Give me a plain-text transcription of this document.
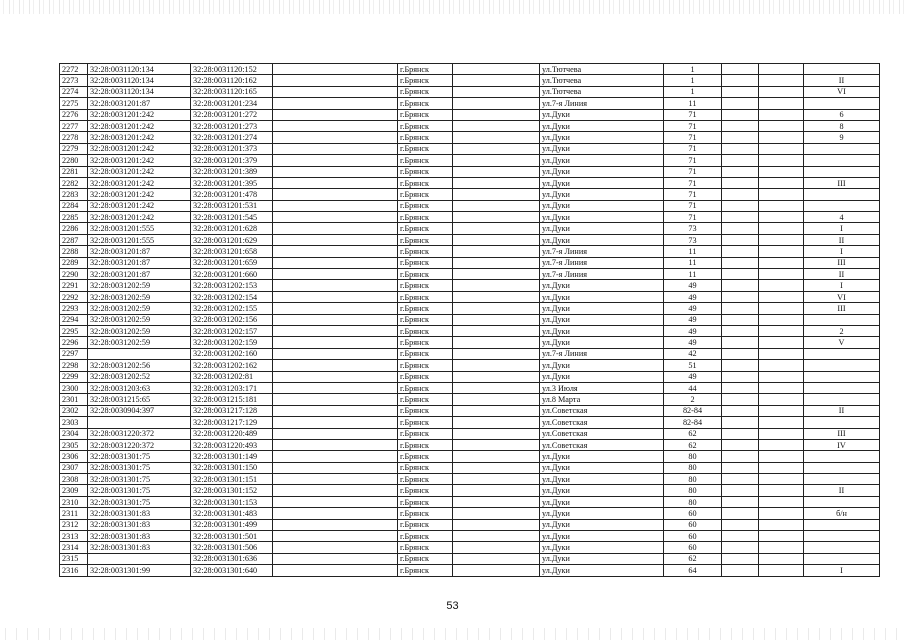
2272	32:28:0031120:134	32:28:0031120:152		г.Брянск		ул.Тютчева	1			
2273	32:28:0031120:134	32:28:0031120:162		г.Брянск		ул.Тютчева	1			II
2274	32:28:0031120:134	32:28:0031120:165		г.Брянск		ул.Тютчева	1			VI
2275	32:28:0031201:87	32:28:0031201:234		г.Брянск		ул.7-я Линия	11			
2276	32:28:0031201:242	32:28:0031201:272		г.Брянск		ул.Дуки	71			6
2277	32:28:0031201:242	32:28:0031201:273		г.Брянск		ул.Дуки	71			8
2278	32:28:0031201:242	32:28:0031201:274		г.Брянск		ул.Дуки	71			9
2279	32:28:0031201:242	32:28:0031201:373		г.Брянск		ул.Дуки	71			
2280	32:28:0031201:242	32:28:0031201:379		г.Брянск		ул.Дуки	71			
2281	32:28:0031201:242	32:28:0031201:389		г.Брянск		ул.Дуки	71			
2282	32:28:0031201:242	32:28:0031201:395		г.Брянск		ул.Дуки	71			III
2283	32:28:0031201:242	32:28:0031201:478		г.Брянск		ул.Дуки	71			
2284	32:28:0031201:242	32:28:0031201:531		г.Брянск		ул.Дуки	71			
2285	32:28:0031201:242	32:28:0031201:545		г.Брянск		ул.Дуки	71			4
2286	32:28:0031201:555	32:28:0031201:628		г.Брянск		ул.Дуки	73			I
2287	32:28:0031201:555	32:28:0031201:629		г.Брянск		ул.Дуки	73			II
2288	32:28:0031201:87	32:28:0031201:658		г.Брянск		ул.7-я Линия	11			I
2289	32:28:0031201:87	32:28:0031201:659		г.Брянск		ул.7-я Линия	11			III
2290	32:28:0031201:87	32:28:0031201:660		г.Брянск		ул.7-я Линия	11			II
2291	32:28:0031202:59	32:28:0031202:153		г.Брянск		ул.Дуки	49			I
2292	32:28:0031202:59	32:28:0031202:154		г.Брянск		ул.Дуки	49			VI
2293	32:28:0031202:59	32:28:0031202:155		г.Брянск		ул.Дуки	49			III
2294	32:28:0031202:59	32:28:0031202:156		г.Брянск		ул.Дуки	49			
2295	32:28:0031202:59	32:28:0031202:157		г.Брянск		ул.Дуки	49			2
2296	32:28:0031202:59	32:28:0031202:159		г.Брянск		ул.Дуки	49			V
2297		32:28:0031202:160		г.Брянск		ул.7-я Линия	42			
2298	32:28:0031202:56	32:28:0031202:162		г.Брянск		ул.Дуки	51			
2299	32:28:0031202:52	32:28:0031202:81		г.Брянск		ул.Дуки	49			
2300	32:28:0031203:63	32:28:0031203:171		г.Брянск		ул.3 Июля	44			
2301	32:28:0031215:65	32:28:0031215:181		г.Брянск		ул.8 Марта	2			
2302	32:28:0030904:397	32:28:0031217:128		г.Брянск		ул.Советская	82-84			II
2303		32:28:0031217:129		г.Брянск		ул.Советская	82-84			
2304	32:28:0031220:372	32:28:0031220:489		г.Брянск		ул.Советская	62			III
2305	32:28:0031220:372	32:28:0031220:493		г.Брянск		ул.Советская	62			IV
2306	32:28:0031301:75	32:28:0031301:149		г.Брянск		ул.Дуки	80			
2307	32:28:0031301:75	32:28:0031301:150		г.Брянск		ул.Дуки	80			
2308	32:28:0031301:75	32:28:0031301:151		г.Брянск		ул.Дуки	80			
2309	32:28:0031301:75	32:28:0031301:152		г.Брянск		ул.Дуки	80			II
2310	32:28:0031301:75	32:28:0031301:153		г.Брянск		ул.Дуки	80			
2311	32:28:0031301:83	32:28:0031301:483		г.Брянск		ул.Дуки	60			б/н
2312	32:28:0031301:83	32:28:0031301:499		г.Брянск		ул.Дуки	60			
2313	32:28:0031301:83	32:28:0031301:501		г.Брянск		ул.Дуки	60			
2314	32:28:0031301:83	32:28:0031301:506		г.Брянск		ул.Дуки	60			
2315		32:28:0031301:636		г.Брянск		ул.Дуки	62			
2316	32:28:0031301:99	32:28:0031301:640		г.Брянск		ул.Дуки	64			I
53
